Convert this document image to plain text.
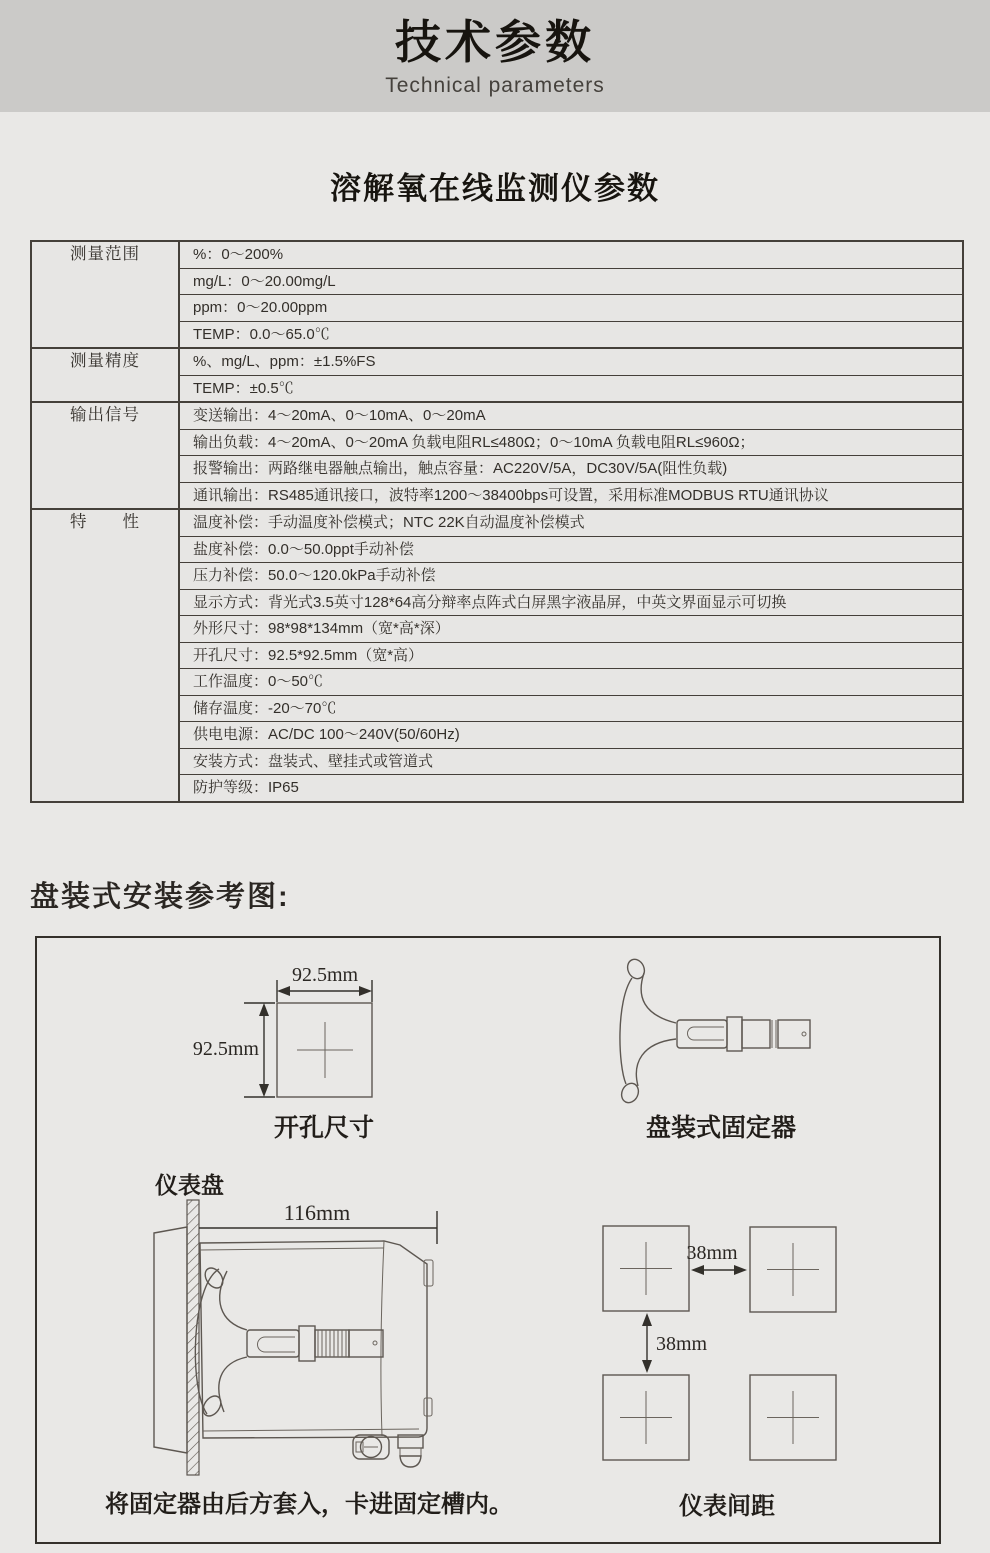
技术参数
Technical parameters
溶解氧在线监测仪参数
测量范围	%：0～200%
mg/L：0～20.00mg/L
ppm：0～20.00ppm
TEMP：0.0～65.0℃
测量精度	%、mg/L、ppm：±1.5%FS
TEMP：±0.5℃
输出信号	变送输出：4～20mA、0～10mA、0～20mA
输出负载：4～20mA、0～20mA 负载电阻RL≤480Ω；0～10mA 负载电阻RL≤960Ω；
报警输出：两路继电器触点输出，触点容量：AC220V/5A，DC30V/5A(阻性负载)
通讯输出：RS485通讯接口，波特率1200～38400bps可设置，采用标准MODBUS RTU通讯协议
特　　性	温度补偿：手动温度补偿模式；NTC 22K自动温度补偿模式
盐度补偿：0.0～50.0ppt手动补偿
压力补偿：50.0～120.0kPa手动补偿
显示方式：背光式3.5英寸128*64高分辩率点阵式白屏黑字液晶屏，中英文界面显示可切换
外形尺寸：98*98*134mm（宽*高*深）
开孔尺寸：92.5*92.5mm（宽*高）
工作温度：0～50℃
储存温度：-20～70℃
供电电源：AC/DC 100～240V(50/60Hz)
安装方式：盘装式、壁挂式或管道式
防护等级：IP65
盘装式安装参考图:
92.5mm
92.5mm
开孔尺寸	盘装式固定器
仪表盘
116mm
将固定器由后方套入，卡进固定槽内。
38mm
38mm
仪表间距
